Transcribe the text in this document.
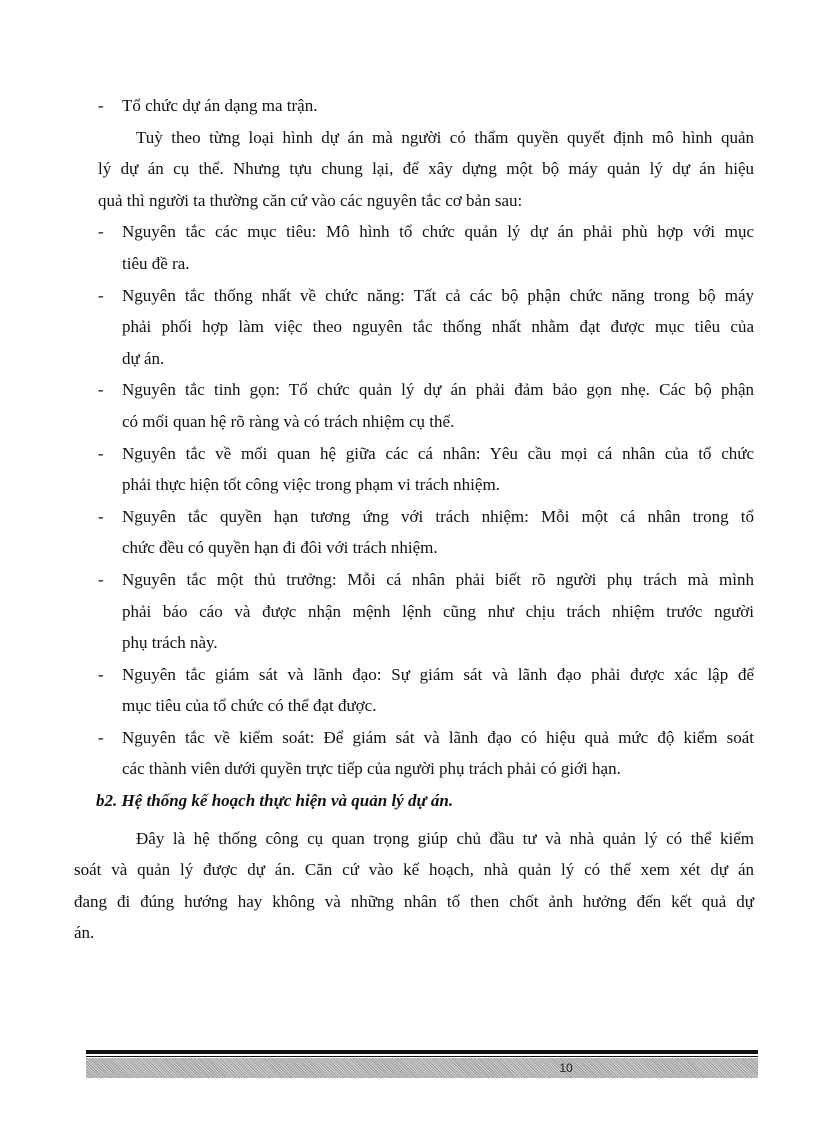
- Tổ chức dự án dạng ma trận.
Tuỳ theo từng loại hình dự án mà người có thẩm quyền quyết định mô hình quản
lý dự án cụ thể. Nhưng tựu chung lại, để xây dựng một bộ máy quản lý dự án hiệu
quả thì người ta thường căn cứ vào các nguyên tắc cơ bản sau:
- Nguyên tắc các mục tiêu: Mô hình tổ chức quản lý dự án phải phù hợp với mục
tiêu đề ra.
- Nguyên tắc thống nhất về chức năng: Tất cả các bộ phận chức năng trong bộ máy
phải phối hợp làm việc theo nguyên tắc thống nhất nhằm đạt được mục tiêu của
dự án.
- Nguyên tắc tinh gọn: Tổ chức quản lý dự án phải đảm bảo gọn nhẹ. Các bộ phận
có mối quan hệ rõ ràng và có trách nhiệm cụ thể.
- Nguyên tắc về mối quan hệ giữa các cá nhân: Yêu cầu mọi cá nhân của tổ chức
phải thực hiện tốt công việc trong phạm vi trách nhiệm.
- Nguyên tắc quyền hạn tương ứng với trách nhiệm: Mỗi một cá nhân trong tổ
chức đều có quyền hạn đi đôi với trách nhiệm.
- Nguyên tắc một thủ trưởng: Mỗi cá nhân phải biết rõ người phụ trách mà mình
phải báo cáo và được nhận mệnh lệnh cũng như chịu trách nhiệm trước người
phụ trách này.
- Nguyên tắc giám sát và lãnh đạo: Sự giám sát và lãnh đạo phải được xác lập để
mục tiêu của tổ chức có thể đạt được.
- Nguyên tắc về kiểm soát: Để giám sát và lãnh đạo có hiệu quả mức độ kiểm soát
các thành viên dưới quyền trực tiếp của người phụ trách phải có giới hạn.
b2. Hệ thống kế hoạch thực hiện và quản lý dự án.
Đây là hệ thống công cụ quan trọng giúp chủ đầu tư và nhà quản lý có thể kiểm
soát và quản lý được dự án. Căn cứ vào kế hoạch, nhà quản lý có thể xem xét dự án
đang đi đúng hướng hay không và những nhân tố then chốt ảnh hưởng đến kết quả dự
án.
10
